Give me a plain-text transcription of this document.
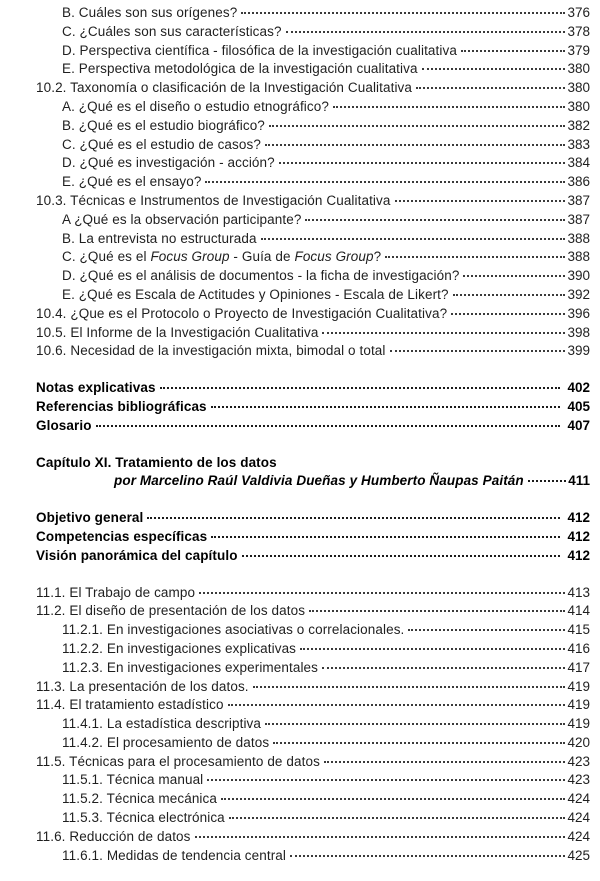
B. Cuáles son sus orígenes?	376
C. ¿Cuáles son sus características?	378
D. Perspectiva científica - filosófica de la investigación cualitativa	379
E. Perspectiva metodológica de la investigación cualitativa	380
10.2. Taxonomía o clasificación de la Investigación Cualitativa	380
A. ¿Qué es el diseño o estudio etnográfico?	380
B. ¿Qué es el estudio biográfico?	382
C. ¿Qué es el estudio de casos?	383
D. ¿Qué es investigación - acción?	384
E. ¿Qué es el ensayo?	386
10.3. Técnicas e Instrumentos de Investigación Cualitativa	387
A ¿Qué es la observación participante?	387
B. La entrevista no estructurada	388
C. ¿Qué es el Focus Group - Guía de Focus Group?	388
D. ¿Qué es el análisis de documentos - la ficha de investigación?	390
E. ¿Qué es Escala de Actitudes y Opiniones - Escala de Likert?	392
10.4. ¿Que es el Protocolo o Proyecto de Investigación Cualitativa?	396
10.5. El Informe de la Investigación Cualitativa	398
10.6. Necesidad de la investigación mixta, bimodal o total	399
Notas explicativas	402
Referencias bibliográficas	405
Glosario	407
Capítulo XI. Tratamiento de los datos
por Marcelino Raúl Valdivia Dueñas y Humberto Ñaupas Paitán	411
Objetivo general	412
Competencias específicas	412
Visión panorámica del capítulo	412
11.1. El Trabajo de campo	413
11.2. El diseño de presentación de los datos	414
11.2.1. En investigaciones asociativas o correlacionales.	415
11.2.2. En investigaciones explicativas	416
11.2.3. En investigaciones experimentales	417
11.3. La presentación de los datos.	419
11.4. El tratamiento estadístico	419
11.4.1. La estadística descriptiva	419
11.4.2. El procesamiento de datos	420
11.5. Técnicas para el procesamiento de datos	423
11.5.1. Técnica manual	423
11.5.2. Técnica mecánica	424
11.5.3. Técnica electrónica	424
11.6. Reducción de datos	424
11.6.1. Medidas de tendencia central	425
